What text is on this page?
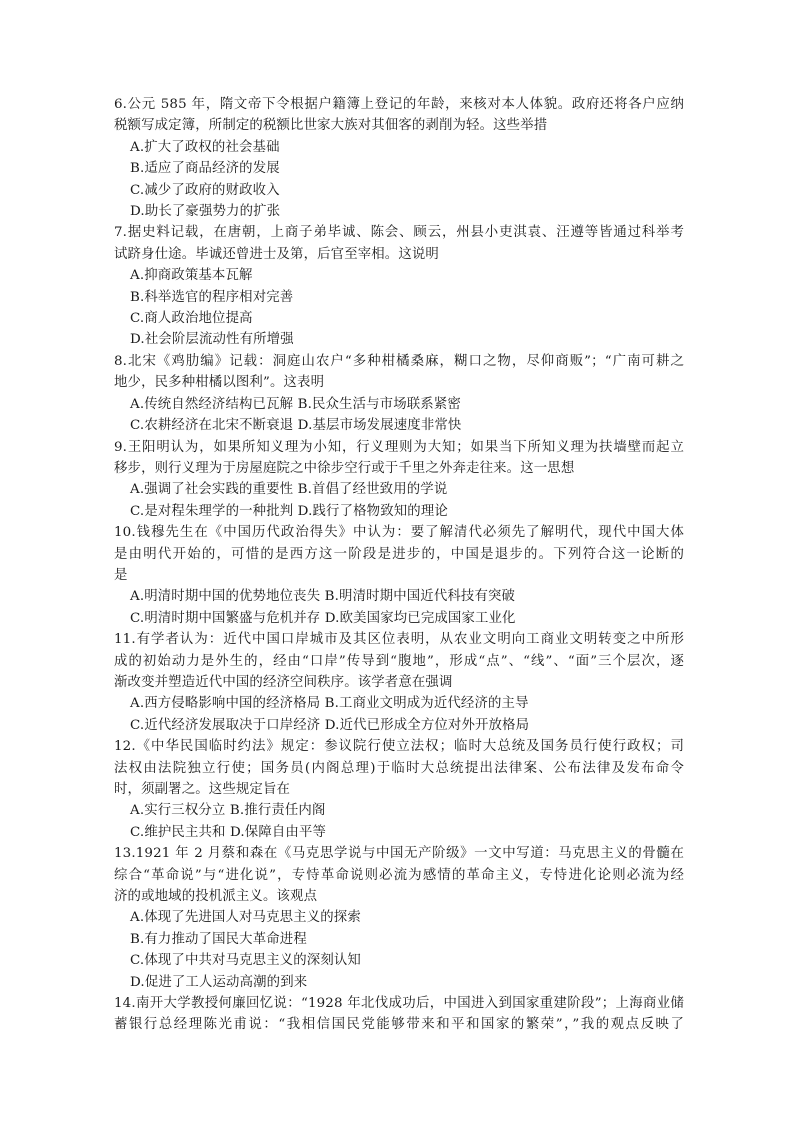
6.公元 585 年，隋文帝下令根据户籍簿上登记的年龄，来核对本人体貌。政府还将各户应纳

税额写成定簿，所制定的税额比世家大族对其佃客的剥削为轻。这些举措

A.扩大了政权的社会基础

B.适应了商品经济的发展

C.减少了政府的财政收入

D.助长了豪强势力的扩张

7.据史料记载，在唐朝，上商子弟毕诚、陈会、顾云，州县小吏淇袁、汪遵等皆通过科举考

试跻身仕途。毕诚还曾进士及第，后官至宰相。这说明

A.抑商政策基本瓦解

B.科举选官的程序相对完善

C.商人政治地位提高

D.社会阶层流动性有所增强

8.北宋《鸡肋编》记载：洞庭山农户“多种柑橘桑麻，糊口之物，尽仰商贩”；“广南可耕之

地少，民多种柑橘以图利”。这表明

A.传统自然经济结构已瓦解 B.民众生活与市场联系紧密

C.农耕经济在北宋不断衰退 D.基层市场发展速度非常快

9.王阳明认为，如果所知义理为小知，行义理则为大知；如果当下所知义理为扶墙壁而起立

移步，则行义理为于房屋庭院之中徐步空行或于千里之外奔走往来。这一思想

A.强调了社会实践的重要性 B.首倡了经世致用的学说

C.是对程朱理学的一种批判 D.践行了格物致知的理论

10.钱穆先生在《中国历代政治得失》中认为：要了解清代必须先了解明代，现代中国大体

是由明代开始的，可惜的是西方这一阶段是进步的，中国是退步的。下列符合这一论断的

是

A.明清时期中国的优势地位丧失 B.明清时期中国近代科技有突破

C.明清时期中国繁盛与危机并存 D.欧美国家均已完成国家工业化

11.有学者认为：近代中国口岸城市及其区位表明，从农业文明向工商业文明转变之中所形

成的初始动力是外生的，经由“口岸”传导到“腹地”，形成“点”、“线”、“面”三个层次，逐

渐改变并塑造近代中国的经济空间秩序。该学者意在强调

A.西方侵略影响中国的经济格局 B.工商业文明成为近代经济的主导

C.近代经济发展取决于口岸经济 D.近代已形成全方位对外开放格局

12.《中华民国临时约法》规定：参议院行使立法权；临时大总统及国务员行使行政权；司

法权由法院独立行使；国务员(内阁总理)于临时大总统提出法律案、公布法律及发布命令

时，须副署之。这些规定旨在

A.实行三权分立 B.推行责任内阁

C.维护民主共和 D.保障自由平等

13.1921 年 2 月蔡和森在《马克思学说与中国无产阶级》一文中写道：马克思主义的骨髓在

综合“革命说”与“进化说”，专恃革命说则必流为感情的革命主义，专恃进化论则必流为经

济的或地域的投机派主义。该观点

A.体现了先进国人对马克思主义的探索

B.有力推动了国民大革命进程

C.体现了中共对马克思主义的深刻认知

D.促进了工人运动高潮的到来

14.南开大学教授何廉回忆说：“1928 年北伐成功后，中国进入到国家重建阶段”；上海商业储

蓄银行总经理陈光甫说：“我相信国民党能够带来和平和国家的繁荣”，”我的观点反映了
